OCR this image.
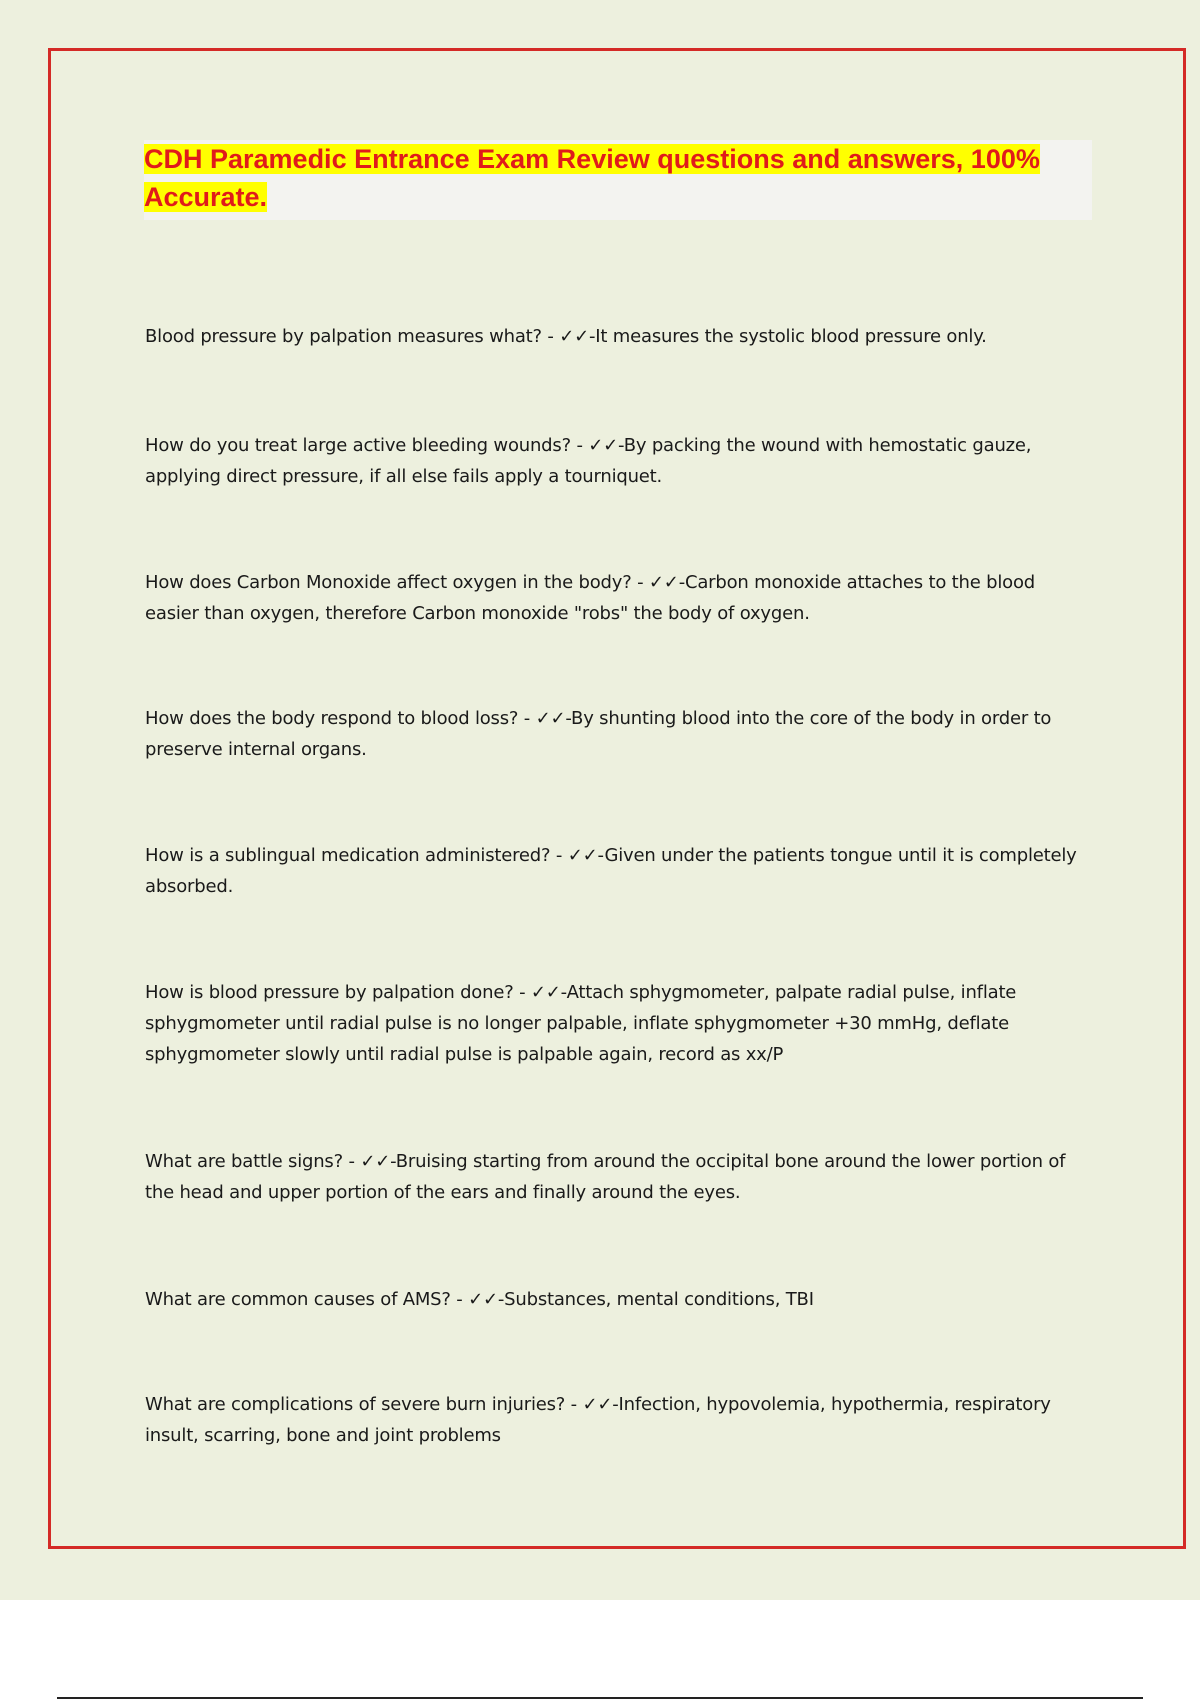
CDH Paramedic Entrance Exam Review questions and answers, 100% Accurate.

Blood pressure by palpation measures what? - ✓✓-It measures the systolic blood pressure only.

How do you treat large active bleeding wounds? - ✓✓-By packing the wound with hemostatic gauze, applying direct pressure, if all else fails apply a tourniquet.

How does Carbon Monoxide affect oxygen in the body? - ✓✓-Carbon monoxide attaches to the blood easier than oxygen, therefore Carbon monoxide "robs" the body of oxygen.

How does the body respond to blood loss? - ✓✓-By shunting blood into the core of the body in order to preserve internal organs.

How is a sublingual medication administered? - ✓✓-Given under the patients tongue until it is completely absorbed.

How is blood pressure by palpation done? - ✓✓-Attach sphygmometer, palpate radial pulse, inflate sphygmometer until radial pulse is no longer palpable, inflate sphygmometer +30 mmHg, deflate sphygmometer slowly until radial pulse is palpable again, record as xx/P

What are battle signs? - ✓✓-Bruising starting from around the occipital bone around the lower portion of the head and upper portion of the ears and finally around the eyes.

What are common causes of AMS? - ✓✓-Substances, mental conditions, TBI

What are complications of severe burn injuries? - ✓✓-Infection, hypovolemia, hypothermia, respiratory insult, scarring, bone and joint problems
